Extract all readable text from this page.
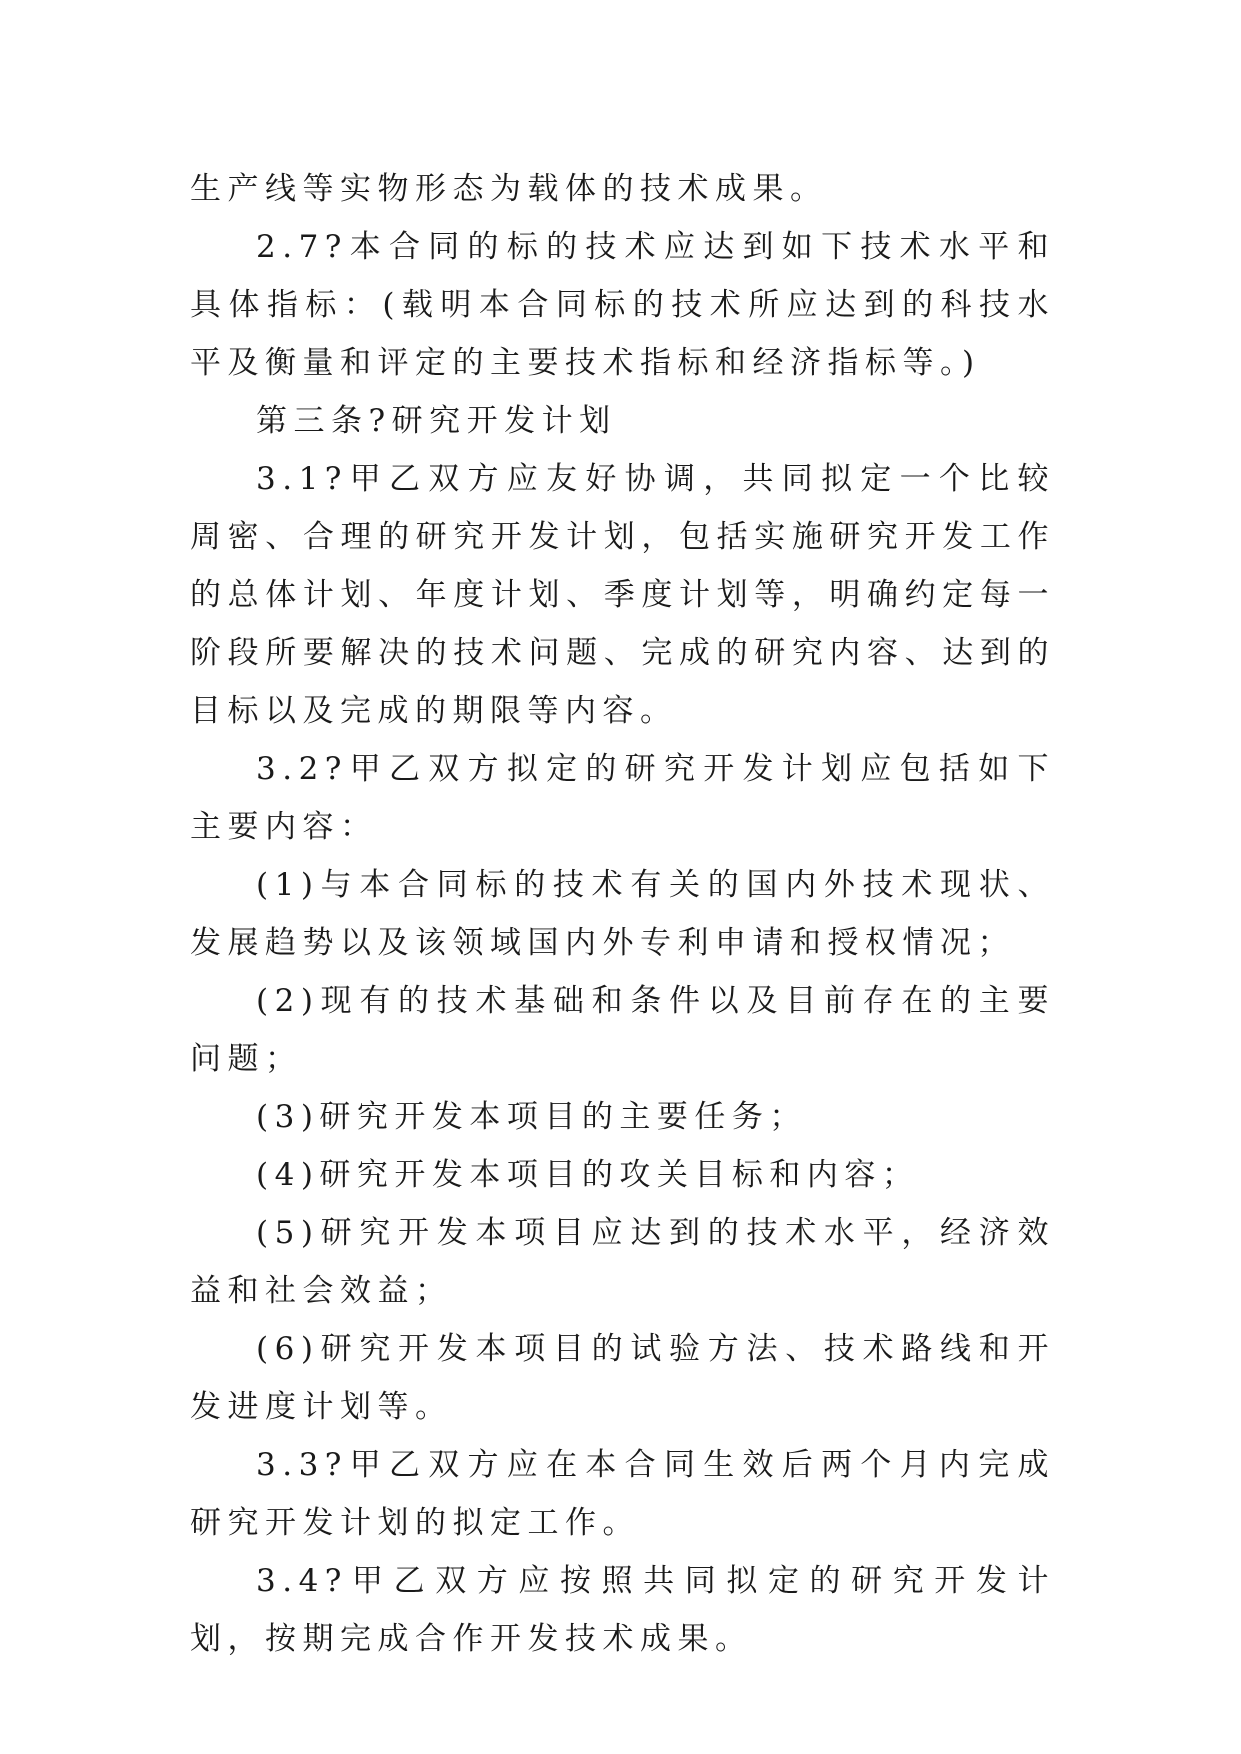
生产线等实物形态为载体的技术成果。

2.7?本合同的标的技术应达到如下技术水平和具体指标：(载明本合同标的技术所应达到的科技水平及衡量和评定的主要技术指标和经济指标等。)

第三条?研究开发计划

3.1?甲乙双方应友好协调，共同拟定一个比较周密、合理的研究开发计划，包括实施研究开发工作的总体计划、年度计划、季度计划等，明确约定每一阶段所要解决的技术问题、完成的研究内容、达到的目标以及完成的期限等内容。

3.2?甲乙双方拟定的研究开发计划应包括如下主要内容：

(1)与本合同标的技术有关的国内外技术现状、发展趋势以及该领域国内外专利申请和授权情况；

(2)现有的技术基础和条件以及目前存在的主要问题；

(3)研究开发本项目的主要任务；

(4)研究开发本项目的攻关目标和内容；

(5)研究开发本项目应达到的技术水平，经济效益和社会效益；

(6)研究开发本项目的试验方法、技术路线和开发进度计划等。

3.3?甲乙双方应在本合同生效后两个月内完成研究开发计划的拟定工作。

3.4?甲乙双方应按照共同拟定的研究开发计划，按期完成合作开发技术成果。
